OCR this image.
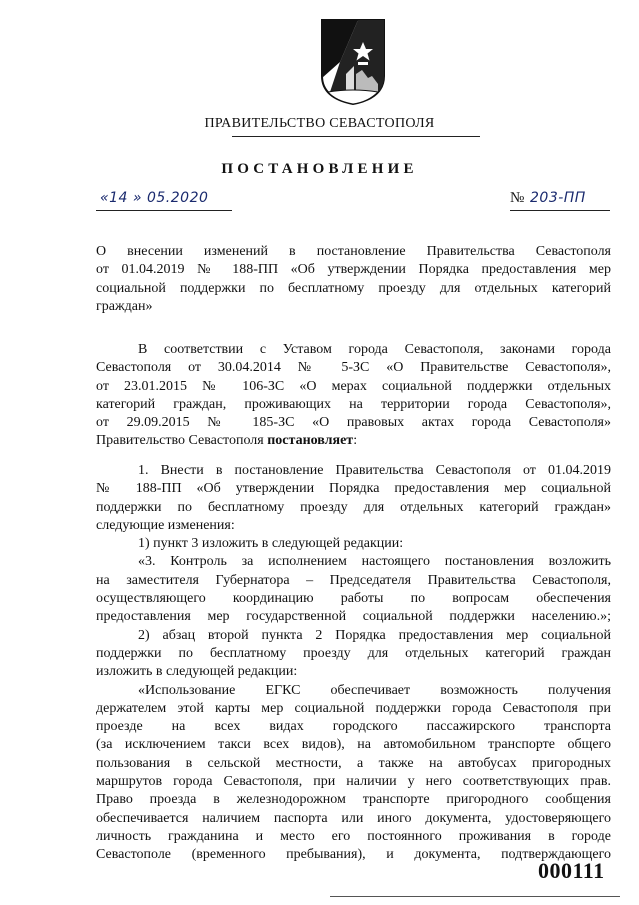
ПРАВИТЕЛЬСТВО СЕВАСТОПОЛЯ
ПОСТАНОВЛЕНИЕ
«14 » 05.2020	№ 203-ПП
О внесении изменений в постановление Правительства Севастополя
от 01.04.2019 № 188-ПП «Об утверждении Порядка предоставления мер
социальной поддержки по бесплатному проезду для отдельных категорий
граждан»
В соответствии с Уставом города Севастополя, законами города
Севастополя от 30.04.2014 № 5-ЗС «О Правительстве Севастополя»,
от 23.01.2015 № 106-ЗС «О мерах социальной поддержки отдельных
категорий граждан, проживающих на территории города Севастополя»,
от 29.09.2015 № 185-ЗС «О правовых актах города Севастополя»
Правительство Севастополя постановляет:
1. Внести в постановление Правительства Севастополя от 01.04.2019
№ 188-ПП «Об утверждении Порядка предоставления мер социальной
поддержки по бесплатному проезду для отдельных категорий граждан»
следующие изменения:
1) пункт 3 изложить в следующей редакции:
«3. Контроль за исполнением настоящего постановления возложить
на заместителя Губернатора – Председателя Правительства Севастополя,
осуществляющего координацию работы по вопросам обеспечения
предоставления мер государственной социальной поддержки населению.»;
2) абзац второй пункта 2 Порядка предоставления мер социальной
поддержки по бесплатному проезду для отдельных категорий граждан
изложить в следующей редакции:
«Использование ЕГКС обеспечивает возможность получения
держателем этой карты мер социальной поддержки города Севастополя при
проезде на всех видах городского пассажирского транспорта
(за исключением такси всех видов), на автомобильном транспорте общего
пользования в сельской местности, а также на автобусах пригородных
маршрутов города Севастополя, при наличии у него соответствующих прав.
Право проезда в железнодорожном транспорте пригородного сообщения
обеспечивается наличием паспорта или иного документа, удостоверяющего
личность гражданина и место его постоянного проживания в городе
Севастополе (временного пребывания), и документа, подтверждающего
000111
